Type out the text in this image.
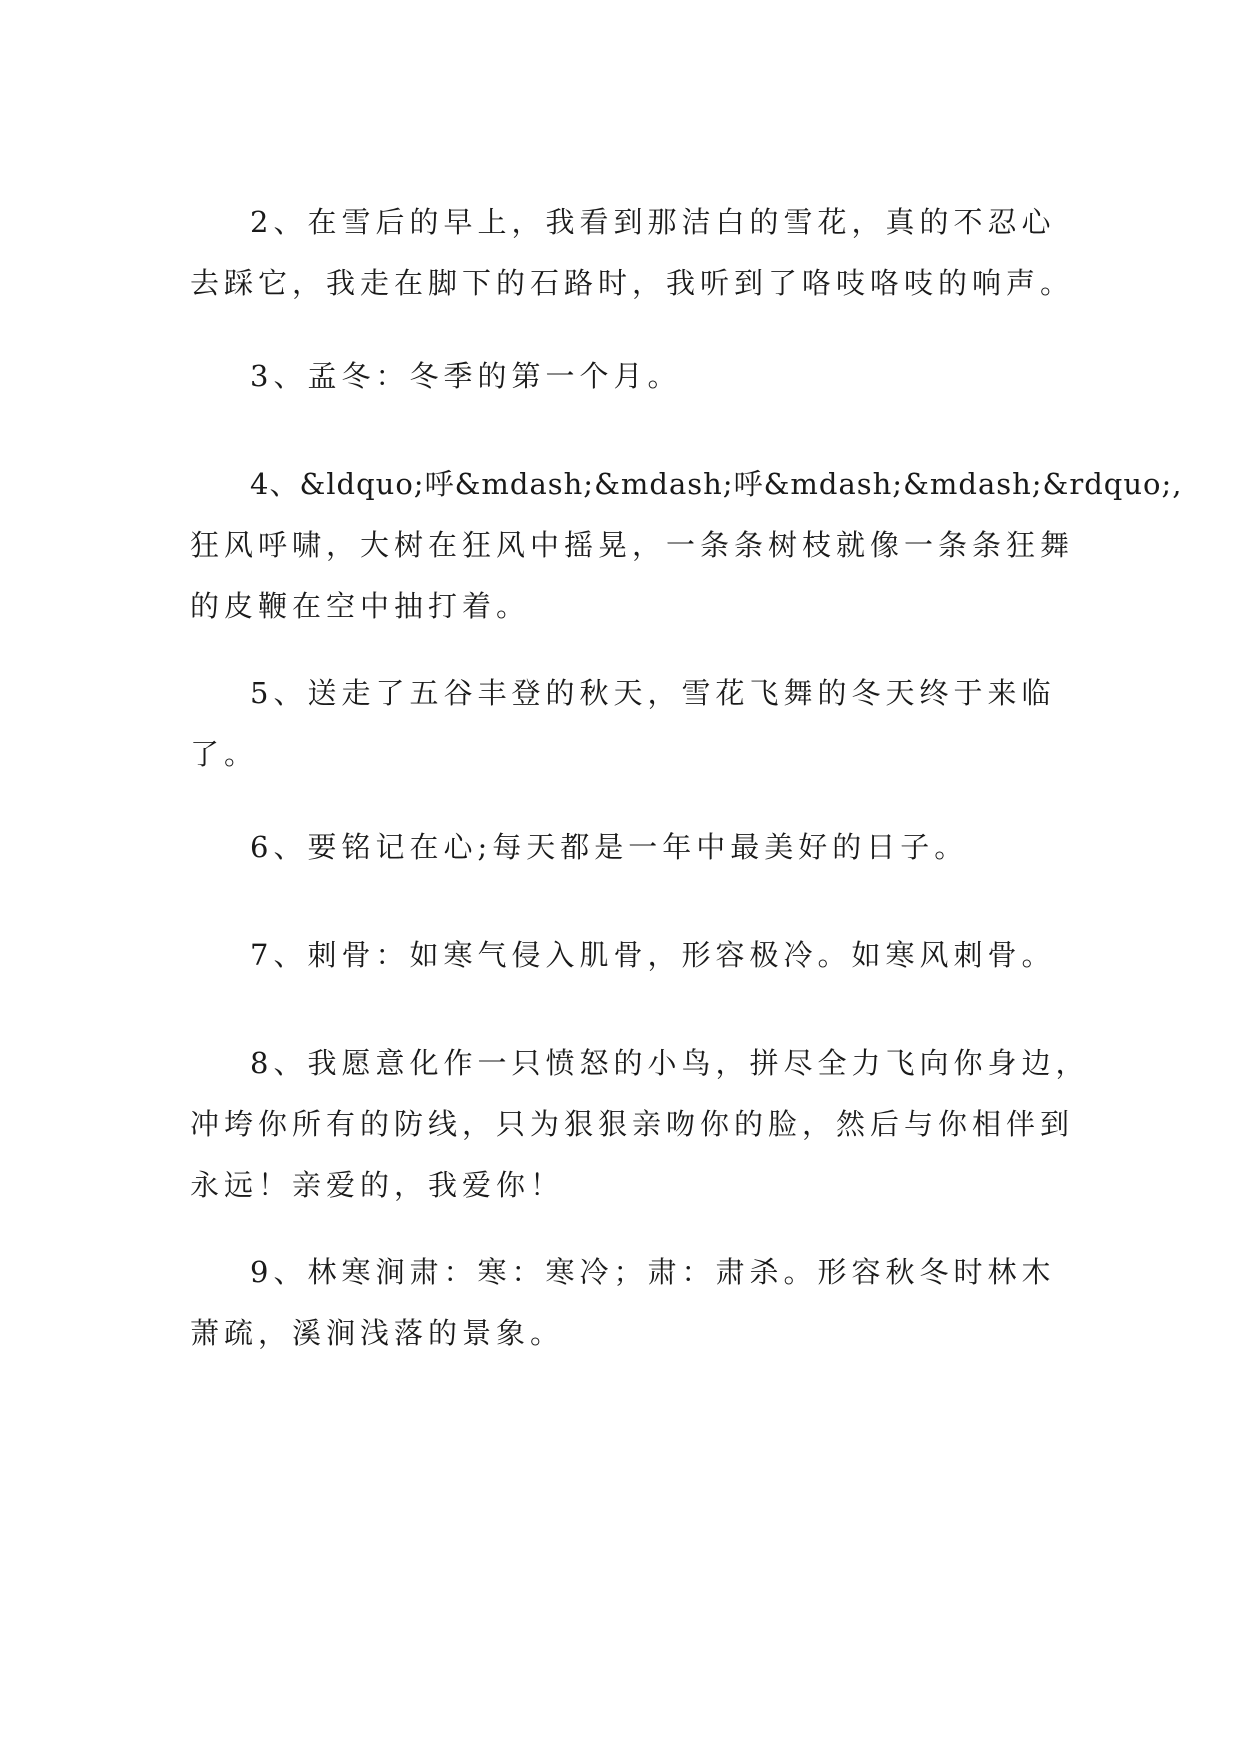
2、在雪后的早上，我看到那洁白的雪花，真的不忍心
去踩它，我走在脚下的石路时，我听到了咯吱咯吱的响声。
3、孟冬：冬季的第一个月。
4、&ldquo;呼&mdash;&mdash;呼&mdash;&mdash;&rdquo;,
狂风呼啸，大树在狂风中摇晃，一条条树枝就像一条条狂舞
的皮鞭在空中抽打着。
5、送走了五谷丰登的秋天，雪花飞舞的冬天终于来临
了。
6、要铭记在心;每天都是一年中最美好的日子。
7、刺骨：如寒气侵入肌骨，形容极冷。如寒风刺骨。
8、我愿意化作一只愤怒的小鸟，拼尽全力飞向你身边，
冲垮你所有的防线，只为狠狠亲吻你的脸，然后与你相伴到
永远！亲爱的，我爱你！
9、林寒涧肃：寒：寒冷；肃：肃杀。形容秋冬时林木
萧疏，溪涧浅落的景象。
